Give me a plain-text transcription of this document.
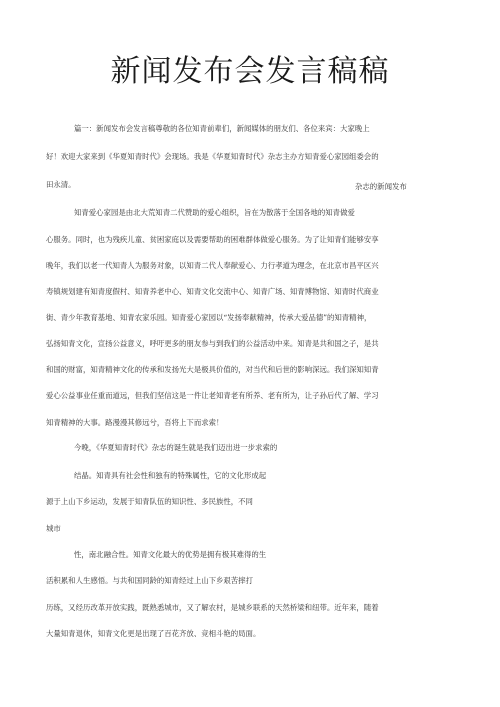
新闻发布会发言稿稿
篇一：新闻发布会发言稿尊敬的各位知青前辈们，新闻媒体的朋友们、各位来宾：大家晚上
好！欢迎大家来到《华夏知青时代》会现场。我是《华夏知青时代》杂志主办方知青爱心家园组委会的
田永清。	杂志的新闻发布
知青爱心家园是由北大荒知青二代赞助的爱心组织，旨在为散落于全国各地的知青做爱
心服务。同时，也为残疾儿童、贫困家庭以及需要帮助的困难群体做爱心服务。为了让知青们能够安享
晚年，我们以老一代知青人为服务对象，以知青二代人奉献爱心、力行孝道为理念，在北京市昌平区兴
寿镇规划建有知青度假村、知青养老中心、知青文化交流中心、知青广场、知青博物馆、知青时代商业
街、青少年教育基地、知青农家乐园。知青爱心家园以“发扬奉献精神，传承大爱品德”的知青精神，
弘扬知青文化，宣扬公益意义，呼吁更多的朋友参与到我们的公益活动中来。知青是共和国之子，是共
和国的财富，知青精神文化的传承和发扬光大是极具价值的，对当代和后世的影响深远。我们深知知青
爱心公益事业任重而道远，但我们坚信这是一件让老知青老有所养、老有所为，让子孙后代了解、学习
知青精神的大事。路漫漫其修远兮，吾将上下而求索！
今晚，《华夏知青时代》杂志的诞生就是我们迈出进一步求索的
结晶。知青具有社会性和独有的特殊属性，它的文化形成起
源于上山下乡运动，发展于知青队伍的知识性、多民族性，不同
城市
性，南北融合性。知青文化最大的优势是拥有极其难得的生
活积累和人生感悟。与共和国同龄的知青经过上山下乡艰苦摔打
历练，又经历改革开放实践，既熟悉城市，又了解农村，是城乡联系的天然桥梁和纽带。近年来，随着
大量知青退休，知青文化更是出现了百花齐放、竞相斗艳的局面。
